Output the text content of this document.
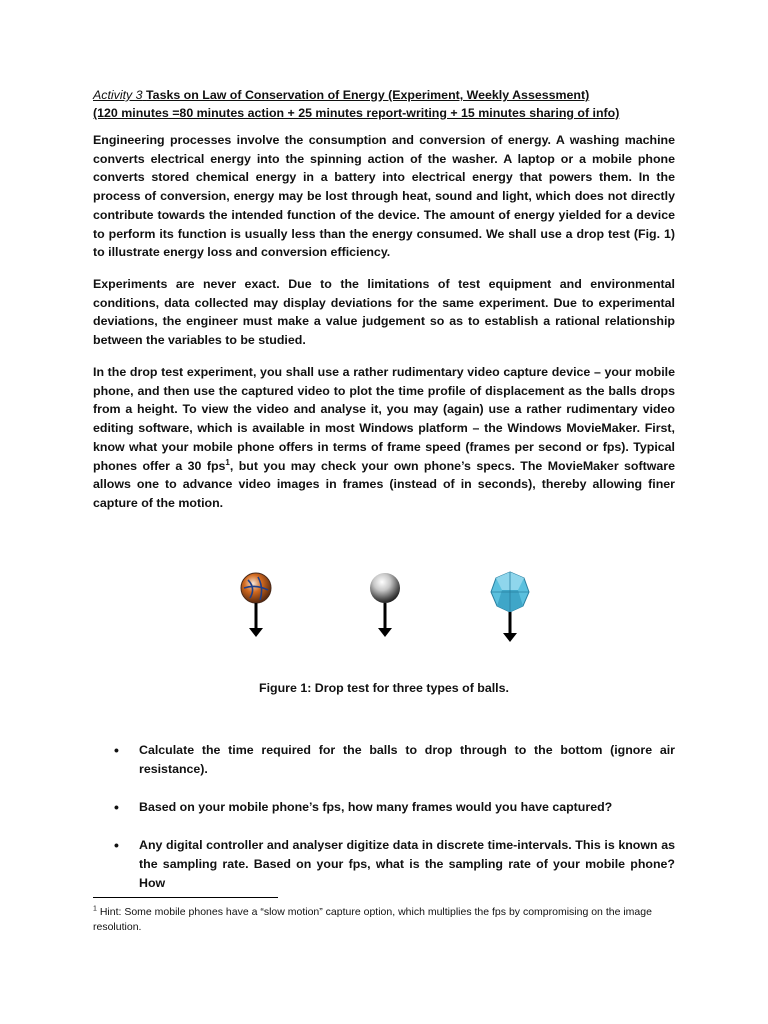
Activity 3 Tasks on Law of Conservation of Energy (Experiment, Weekly Assessment)
(120 minutes =80 minutes action + 25 minutes report-writing + 15 minutes sharing of info)

Engineering processes involve the consumption and conversion of energy. A washing machine converts electrical energy into the spinning action of the washer. A laptop or a mobile phone converts stored chemical energy in a battery into electrical energy that powers them. In the process of conversion, energy may be lost through heat, sound and light, which does not directly contribute towards the intended function of the device. The amount of energy yielded for a device to perform its function is usually less than the energy consumed. We shall use a drop test (Fig. 1) to illustrate energy loss and conversion efficiency.

Experiments are never exact. Due to the limitations of test equipment and environmental conditions, data collected may display deviations for the same experiment. Due to experimental deviations, the engineer must make a value judgement so as to establish a rational relationship between the variables to be studied.

In the drop test experiment, you shall use a rather rudimentary video capture device – your mobile phone, and then use the captured video to plot the time profile of displacement as the balls drops from a height. To view the video and analyse it, you may (again) use a rather rudimentary video editing software, which is available in most Windows platform – the Windows MovieMaker. First, know what your mobile phone offers in terms of frame speed (frames per second or fps). Typical phones offer a 30 fps$^1$, but you may check your own phone’s specs. The MovieMaker software allows one to advance video images in frames (instead of in seconds), thereby allowing finer capture of the motion.

Figure 1: Drop test for three types of balls.
• Calculate the time required for the balls to drop through to the bottom (ignore air resistance).
• Based on your mobile phone’s fps, how many frames would you have captured?
• Any digital controller and analyser digitize data in discrete time-intervals. This is known as the sampling rate. Based on your fps, what is the sampling rate of your mobile phone? How
$^1$ Hint: Some mobile phones have a “slow motion” capture option, which multiplies the fps by compromising on the image resolution.
